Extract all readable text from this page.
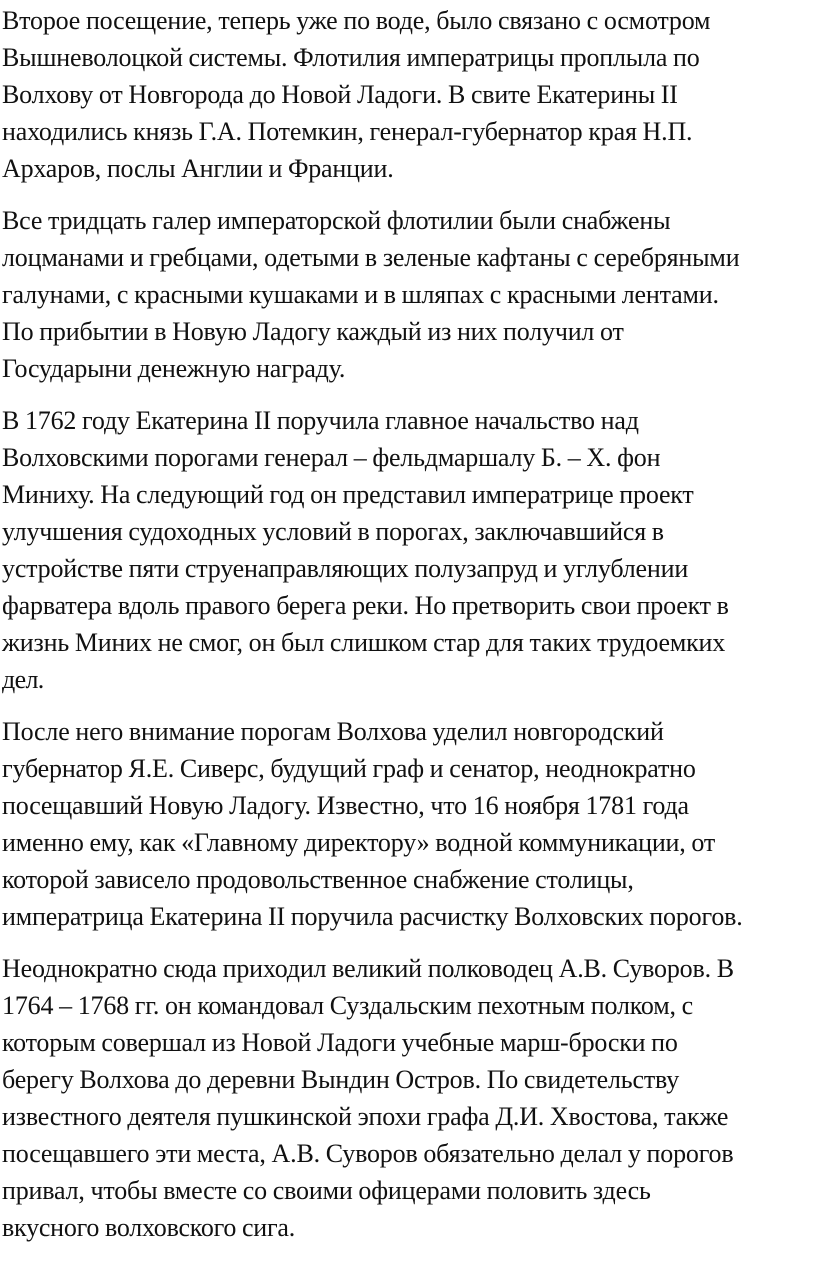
Второе посещение, теперь уже по воде, было связано с осмотром
Вышневолоцкой системы. Флотилия императрицы проплыла по
Волхову от Новгорода до Новой Ладоги. В свите Екатерины II
находились князь Г.А. Потемкин, генерал-губернатор края Н.П.
Архаров, послы Англии и Франции.

Все тридцать галер императорской флотилии были снабжены
лоцманами и гребцами, одетыми в зеленые кафтаны с серебряными
галунами, с красными кушаками и в шляпах с красными лентами.
По прибытии в Новую Ладогу каждый из них получил от
Государыни денежную награду.

В 1762 году Екатерина II поручила главное начальство над
Волховскими порогами генерал – фельдмаршалу Б. – Х. фон
Миниху. На следующий год он представил императрице проект
улучшения судоходных условий в порогах, заключавшийся в
устройстве пяти струенаправляющих полузапруд и углублении
фарватера вдоль правого берега реки. Но претворить свои проект в
жизнь Миних не смог, он был слишком стар для таких трудоемких
дел.

После него внимание порогам Волхова уделил новгородский
губернатор Я.Е. Сиверс, будущий граф и сенатор, неоднократно
посещавший Новую Ладогу. Известно, что 16 ноября 1781 года
именно ему, как «Главному директору» водной коммуникации, от
которой зависело продовольственное снабжение столицы,
императрица Екатерина II поручила расчистку Волховских порогов.

Неоднократно сюда приходил великий полководец А.В. Суворов. В
1764 – 1768 гг. он командовал Суздальским пехотным полком, с
которым совершал из Новой Ладоги учебные марш-броски по
берегу Волхова до деревни Вындин Остров. По свидетельству
известного деятеля пушкинской эпохи графа Д.И. Хвостова, также
посещавшего эти места, А.В. Суворов обязательно делал у порогов
привал, чтобы вместе со своими офицерами половить здесь
вкусного волховского сига.
